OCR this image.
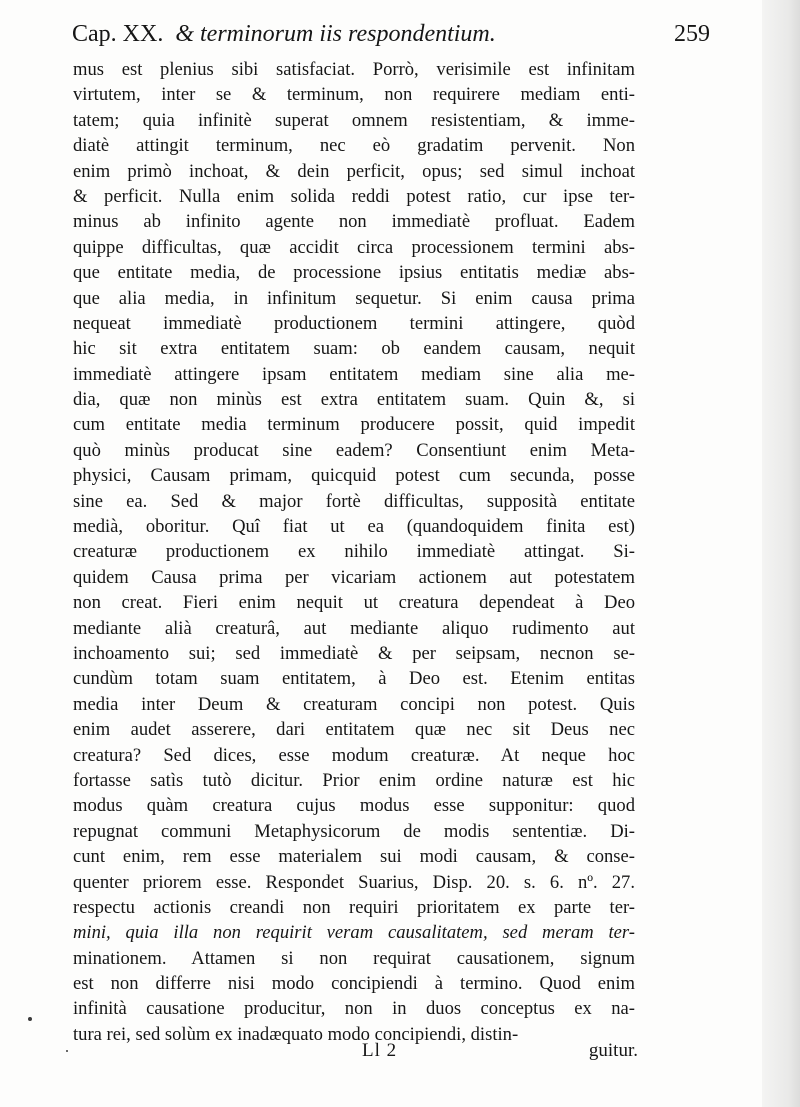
Cap. XX. & terminorum iis respondentium.	259
mus est plenius sibi satisfaciat. Porrò, verisimile est infinitam
virtutem, inter se & terminum, non requirere mediam enti-
tatem; quia infinitè superat omnem resistentiam, & imme-
diatè attingit terminum, nec eò gradatim pervenit. Non
enim primò inchoat, & dein perficit, opus; sed simul inchoat
& perficit. Nulla enim solida reddi potest ratio, cur ipse ter-
minus ab infinito agente non immediatè profluat. Eadem
quippe difficultas, quæ accidit circa processionem termini abs-
que entitate media, de processione ipsius entitatis mediæ abs-
que alia media, in infinitum sequetur. Si enim causa prima
nequeat immediatè productionem termini attingere, quòd
hic sit extra entitatem suam: ob eandem causam, nequit
immediatè attingere ipsam entitatem mediam sine alia me-
dia, quæ non minùs est extra entitatem suam. Quin &, si
cum entitate media terminum producere possit, quid impedit
quò minùs producat sine eadem? Consentiunt enim Meta-
physici, Causam primam, quicquid potest cum secunda, posse
sine ea. Sed & major fortè difficultas, supposità entitate
medià, oboritur. Quî fiat ut ea (quandoquidem finita est)
creaturæ productionem ex nihilo immediatè attingat. Si-
quidem Causa prima per vicariam actionem aut potestatem
non creat. Fieri enim nequit ut creatura dependeat à Deo
mediante alià creaturâ, aut mediante aliquo rudimento aut
inchoamento sui; sed immediatè & per seipsam, necnon se-
cundùm totam suam entitatem, à Deo est. Etenim entitas
media inter Deum & creaturam concipi non potest. Quis
enim audet asserere, dari entitatem quæ nec sit Deus nec
creatura? Sed dices, esse modum creaturæ. At neque hoc
fortasse satìs tutò dicitur. Prior enim ordine naturæ est hic
modus quàm creatura cujus modus esse supponitur: quod
repugnat communi Metaphysicorum de modis sententiæ. Di-
cunt enim, rem esse materialem sui modi causam, & conse-
quenter priorem esse. Respondet Suarius, Disp. 20. s. 6. nº. 27.
respectu actionis creandi non requiri prioritatem ex parte ter-
mini, quia illa non requirit veram causalitatem, sed meram ter-
minationem. Attamen si non requirat causationem, signum
est non differre nisi modo concipiendi à termino. Quod enim
infinità causatione producitur, non in duos conceptus ex na-
tura rei, sed solùm ex inadæquato modo concipiendi, distin-
Ll 2	guitur.
